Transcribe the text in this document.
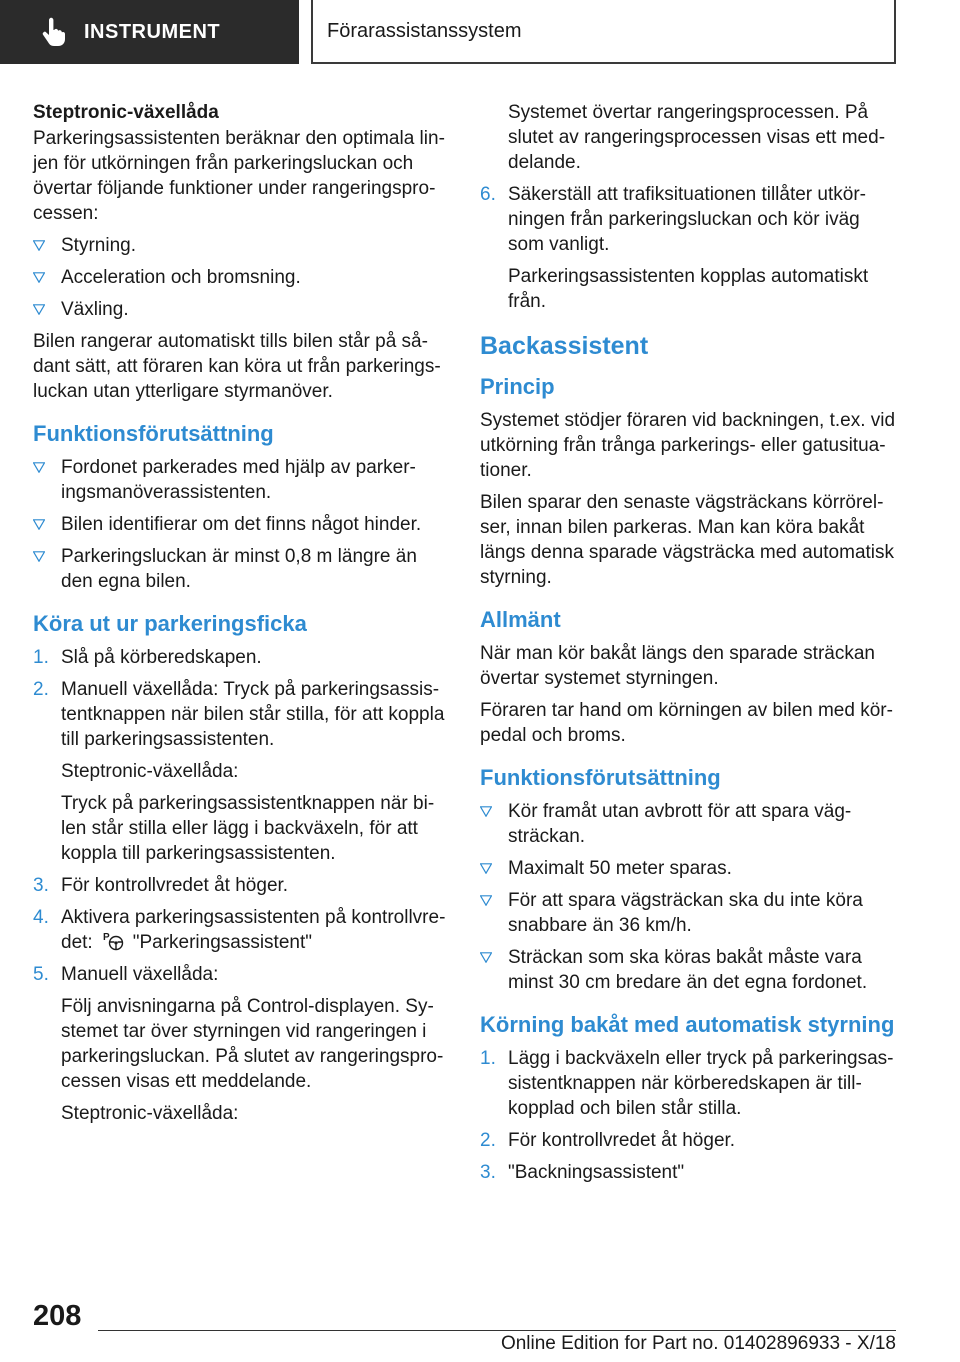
INSTRUMENT	Förarassistanssystem
Steptronic-växellåda

Parkeringsassistenten beräknar den optimala linjen för utkörningen från parkeringsluckan och övertar följande funktioner under rangeringsprocessen:

Styrning.
Acceleration och bromsning.
Växling.

Bilen rangerar automatiskt tills bilen står på sådant sätt, att föraren kan köra ut från parkeringsluckan utan ytterligare styrmanöver.

Funktionsförutsättning
Fordonet parkerades med hjälp av parkeringsmanöverassistenten.
Bilen identifierar om det finns något hinder.
Parkeringsluckan är minst 0,8 m längre än den egna bilen.
Köra ut ur parkeringsficka
1. Slå på körberedskapen.
2. Manuell växellåda: Tryck på parkeringsassistentknappen när bilen står stilla, för att koppla till parkeringsassistenten.
Steptronic-växellåda:
Tryck på parkeringsassistentknappen när bilen står stilla eller lägg i backväxeln, för att koppla till parkeringsassistenten.
3. För kontrollvredet åt höger.
4. Aktivera parkeringsassistenten på kontrollvredet: P "Parkeringsassistent"
5. Manuell växellåda:
Följ anvisningarna på Control-displayen. Systemet tar över styrningen vid rangeringen i parkeringsluckan. På slutet av rangeringsprocessen visas ett meddelande.
Steptronic-växellåda:

Systemet övertar rangeringsprocessen. På slutet av rangeringsprocessen visas ett meddelande.

6. Säkerställ att trafiksituationen tillåter utkörningen från parkeringsluckan och kör iväg som vanligt.
Parkeringsassistenten kopplas automatiskt från.
Backassistent
Princip

Systemet stödjer föraren vid backningen, t.ex. vid utkörning från trånga parkerings- eller gatusituationer.

Bilen sparar den senaste vägsträckans körrörelser, innan bilen parkeras. Man kan köra bakåt längs denna sparade vägsträcka med automatisk styrning.

Allmänt

När man kör bakåt längs den sparade sträckan övertar systemet styrningen.

Föraren tar hand om körningen av bilen med körpedal och broms.

Funktionsförutsättning
Kör framåt utan avbrott för att spara vägsträckan.
Maximalt 50 meter sparas.
För att spara vägsträckan ska du inte köra snabbare än 36 km/h.
Sträckan som ska köras bakåt måste vara minst 30 cm bredare än det egna fordonet.
Körning bakåt med automatisk styrning
1. Lägg i backväxeln eller tryck på parkeringsassistentknappen när körberedskapen är tillkopplad och bilen står stilla.
2. För kontrollvredet åt höger.
3. "Backningsassistent"
208
Online Edition for Part no. 01402896933 - X/18
